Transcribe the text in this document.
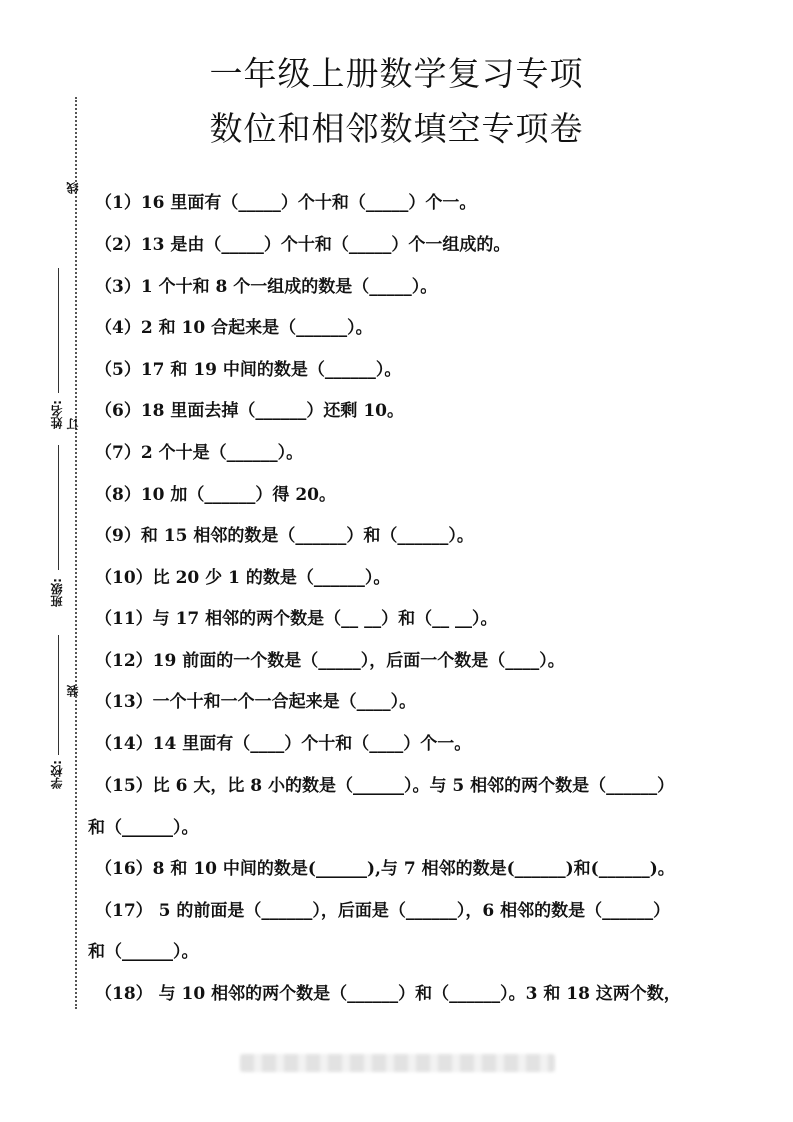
一年级上册数学复习专项
数位和相邻数填空专项卷
线
订
装
姓名:
班级:
学校:
（1）16 里面有（_____）个十和（_____）个一。
（2）13 是由（_____）个十和（_____）个一组成的。
（3）1 个十和 8 个一组成的数是（_____）。
（4）2 和 10 合起来是（______）。
（5）17 和 19 中间的数是（______）。
（6）18 里面去掉（______）还剩 10。
（7）2 个十是（______）。
（8）10 加（______）得 20。
（9）和 15 相邻的数是（______）和（______）。
（10）比 20 少 1 的数是（______）。
（11）与 17 相邻的两个数是（__ __）和（__ __）。
（12）19 前面的一个数是（_____），后面一个数是（____）。
（13）一个十和一个一合起来是（____）。
（14）14 里面有（____）个十和（____）个一。
（15）比 6 大，比 8 小的数是（______）。与 5 相邻的两个数是（______）
和（______）。
（16）8 和 10 中间的数是(______),与 7 相邻的数是(______)和(______)。
（17） 5 的前面是（______），后面是（______），6 相邻的数是（______）
和（______）。
（18） 与 10 相邻的两个数是（______）和（______）。3 和 18 这两个数，
